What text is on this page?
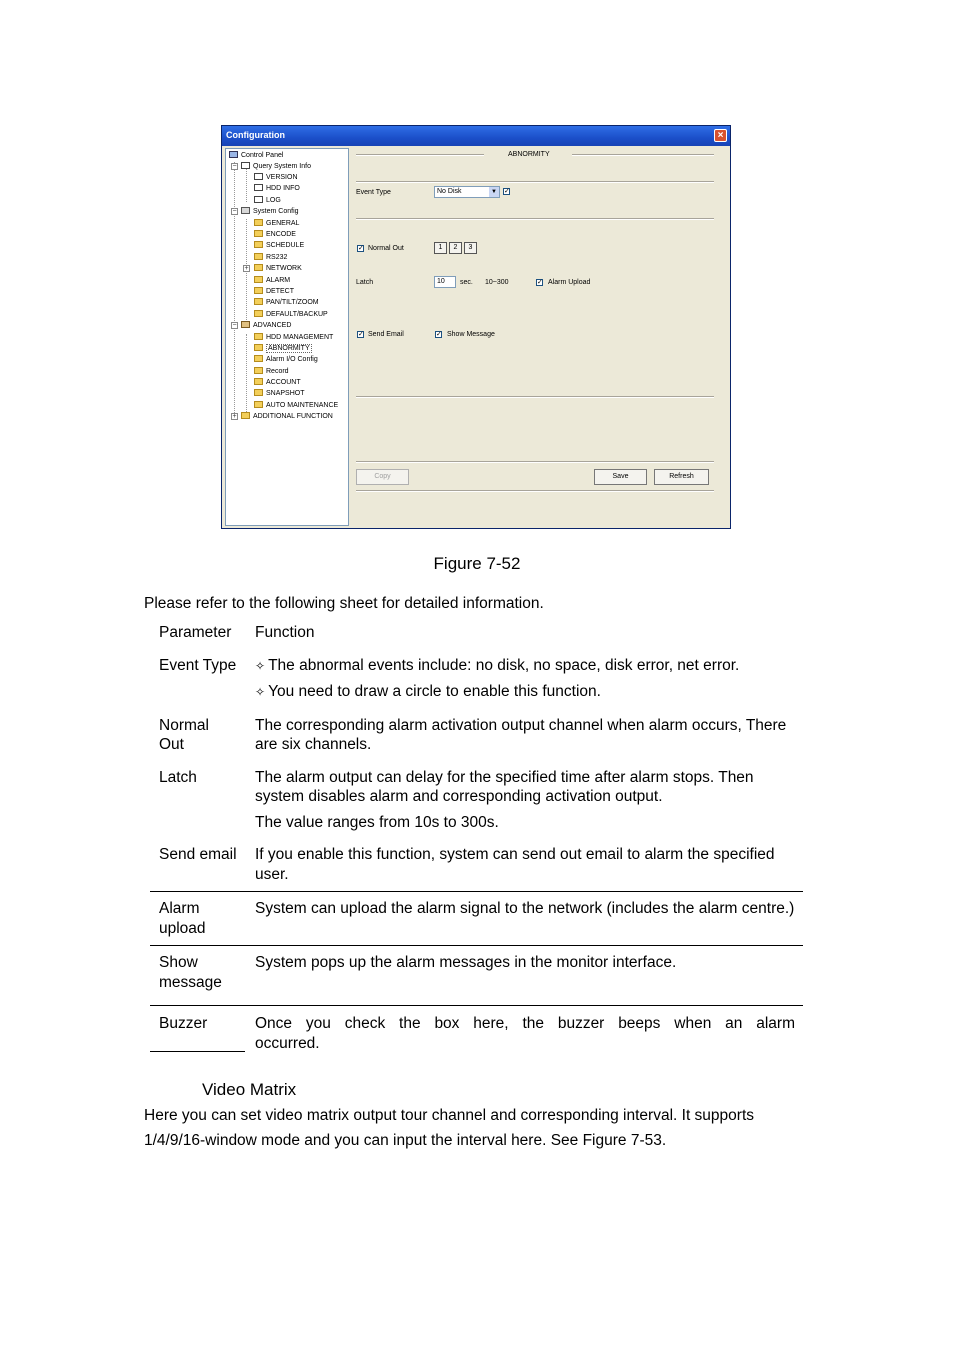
Configuration	×
Control Panel
−	Query System Info
VERSION
HDD INFO
LOG
−	System Config
GENERAL
ENCODE
SCHEDULE
RS232
+	NETWORK
ALARM
DETECT
PAN/TILT/ZOOM
DEFAULT/BACKUP
−	ADVANCED
HDD MANAGEMENT
ABNORMITY
Alarm I/O Config
Record
ACCOUNT
SNAPSHOT
AUTO MAINTENANCE
+	ADDITIONAL FUNCTION
ABNORMITY
Event Type	No Disk	▼ ✓
✓ Normal Out	1	2	3
Latch	10	sec. 10~300	✓ Alarm Upload
✓ Send Email	✓ Show Message
Copy	Save	Refresh
Figure 7-52
Please refer to the following sheet for detailed information.
Parameter	Function
Event Type	✧ The abnormal events include: no disk, no space, disk error, net error.
✧ You need to draw a circle to enable this function.

Normal Out	The corresponding alarm activation output channel when alarm occurs, There are six channels.
Latch	The alarm output can delay for the specified time after alarm stops. Then system disables alarm and corresponding activation output.
The value ranges from 10s to 300s.

Send email	If you enable this function, system can send out email to alarm the specified user.
Alarm upload	System can upload the alarm signal to the network (includes the alarm centre.)
Show message	System pops up the alarm messages in the monitor interface.
Buzzer	Once you check the box here, the buzzer beeps when an alarm
occurred.
Video Matrix
Here you can set video matrix output tour channel and corresponding interval. It supports
1/4/9/16-window mode and you can input the interval here. See Figure 7-53.
